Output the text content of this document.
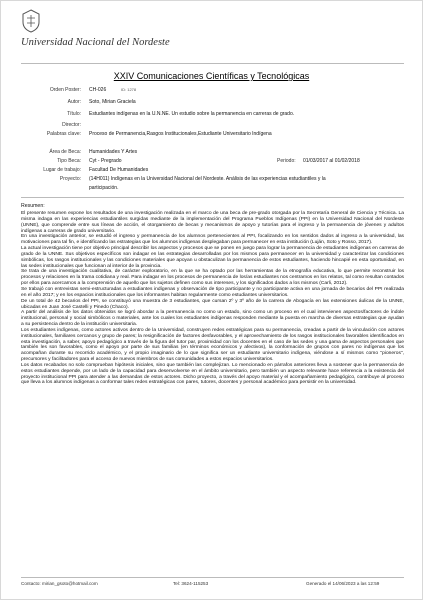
Universidad Nacional del Nordeste
XXIV Comunicaciones Científicas y Tecnológicas
Orden Poster: CH-026	ID: 1278
Autor: Soto, Mirian Graciela
Título: Estudiantes indígenas en la U.N.NE. Un estudio sobre la permanencia en carreras de grado.
Director:
Palabras clave: Proceso de Permanencia,Rasgos Institucionales,Estudiante Universitario Indígena
Área de Beca: Humanidades Y Artes
Tipo Beca: Cyt - Pregrado	Periodo: 01/03/2017 al 01/02/2018
Lugar de trabajo: Facultad De Humanidades
Proyecto: (14H011) Indígenas en la Universidad Nacional del Nordeste. Análisis de las experiencias estudiantiles y la
participación.
Resumen:

El presente resumen expone los resultados de una investigación realizada en el marco de una beca de pre-grado otorgada por la Secretaría General de Ciencia y Técnica. La misma indaga en las experiencias estudiantiles surgidas mediante de la implementación del Programa Pueblos Indígenas (PPI) en la Universidad Nacional del Nordeste (UNNE), que comprende entre sus líneas de acción, el otorgamiento de becas y mecanismos de apoyo y tutorías para el ingreso y la permanencia de jóvenes y adultos indígenas a carreras de grado universitario.

En una investigación anterior, se estudió el ingreso y permanencia de los alumnos pertenecientes al PPI, focalizando en los sentidos dados al ingreso a la universidad, las motivaciones para tal fin, e identificando las estrategias que los alumnos indígenas desplegaban para permanecer en esta institución (Luján, Soto y Rosso, 2017).

La actual investigación tiene por objetivo principal describir los aspectos y procesos que se ponen en juego para lograr la permanencia de estudiantes indígenas en carreras de grado de la UNNE. Sus objetivos específicos son indagar en las estrategias desarrolladas por los mismos para permanecer en la universidad y caracterizar las condiciones simbólicas, los rasgos institucionales y las condiciones materiales que apoyan u obstaculizan la permanencia de estos estudiantes, haciendo hincapié en esta oportunidad, en las sedes institucionales que funcionan al interior de la provincia.

Se trata de una investigación cualitativa, de carácter exploratorio, en la que se ha optado por las herramientas de la etnografía educativa, lo que permite reconstruir los procesos y relaciones en la trama cotidiana y real. Para indagar en los procesos de permanencia de los/as estudiantes nos centramos en los relatos, tal como resultan contados por ellos para acercarnos a la comprensión de aquello que los sujetos definen como sus intereses, y los significados dados a los mismos (Carli, 2012).

Se trabajó con entrevistas semi-estructuradas a estudiantes indígenas y observación de tipo participante y no participante activa en una jornada de becarios del PPI realizada en el año 2017; y en los espacios institucionales que los informantes habitan regularmente como estudiantes universitarios.

De un total de 42 becarios del PPI, se constituyó una muestra de 3 estudiantes, que cursan 2º y 3º año de la carrera de Abogacía en las extensiones áulicas de la UNNE, ubicadas en Juan José Castelli y Pinedo (Chaco).

A partir del análisis de los datos obtenidos se logró abordar a la permanencia no como un estado, sino como un proceso en el cual intervienen aspectos/factores de índole institucional, personal y social simbólicos o materiales, ante los cuales los estudiantes indígenas responden mediante la puesta en marcha de diversas estrategias que ayudan a su persistencia dentro de la institución universitaria.

Los estudiantes indígenas, como actores activos dentro de la Universidad, construyen redes estratégicas para su permanencia, creadas a partir de la vinculación con actores institucionales, familiares cercanos y grupo de pares; la resignificación de factores desfavorables, y el aprovechamiento de los rasgos institucionales favorables identificados en esta investigación, a saber, apoyo pedagógico a través de la figura del tutor par, proximidad con los docentes en el caso de las sedes y una gama de aspectos personales que también les son favorables, como el apoyo por parte de sus familias (en términos económicos y afectivos), la conformación de grupos con pares no indígenas que los acompañan durante su recorrido académico, y el propio imaginario de lo que significa ser un estudiante universitario indígena, viéndose a sí mismos como "pioneros", precursores y facilitadores para el acceso de nuevos miembros de sus comunidades a estos espacios universitarios.

Los datos recabados no solo comprueban hipótesis iniciales, sino que también las complejizan. Lo mencionado en párrafos anteriores lleva a sostener que la permanencia de estos estudiantes depende, por un lado de la capacidad para desenvolverse en el ámbito universitario, pero también un aspecto relevante hace referencia a la existencia del proyecto institucional PPI para atender a las demandas de estos actores. Dicho proyecto, a través del apoyo material y el acompañamiento pedagógico, contribuye al proceso que lleva a los alumnos indígenas a conformar tales redes estratégicas con pares, tutores, docentes y personal académico para persistir en la universidad.

Contacto: mirian_gsoto@hotmail.com	Tel: 3624-115253	Generado el 14/06/2023 a las 12:59
